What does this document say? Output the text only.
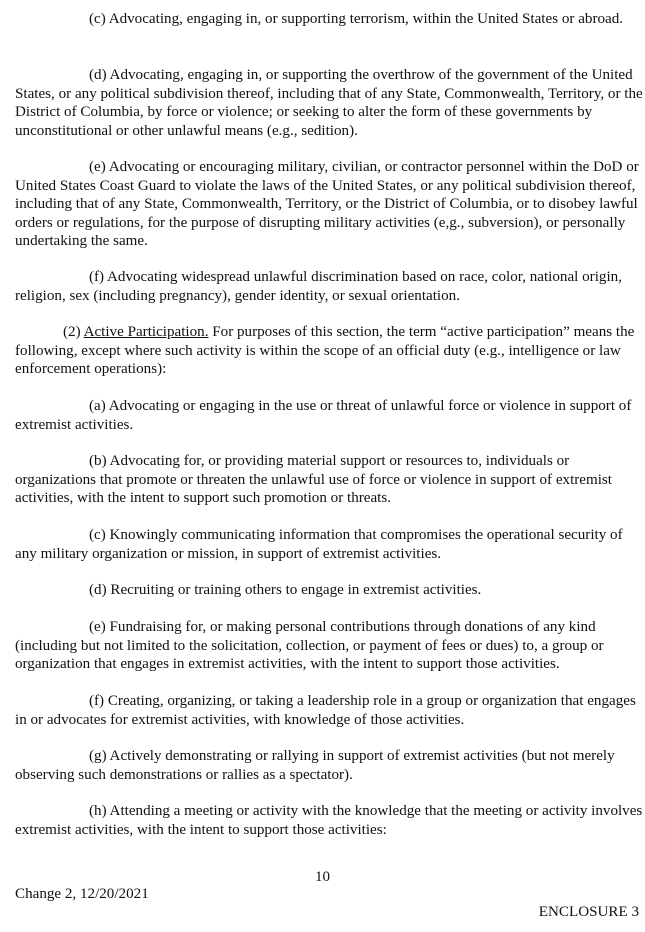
(c) Advocating, engaging in, or supporting terrorism, within the United States or abroad.

(d) Advocating, engaging in, or supporting the overthrow of the government of the United States, or any political subdivision thereof, including that of any State, Commonwealth, Territory, or the District of Columbia, by force or violence; or seeking to alter the form of these governments by unconstitutional or other unlawful means (e.g., sedition).

(e) Advocating or encouraging military, civilian, or contractor personnel within the DoD or United States Coast Guard to violate the laws of the United States, or any political subdivision thereof, including that of any State, Commonwealth, Territory, or the District of Columbia, or to disobey lawful orders or regulations, for the purpose of disrupting military activities (e,g., subversion), or personally undertaking the same.

(f) Advocating widespread unlawful discrimination based on race, color, national origin, religion, sex (including pregnancy), gender identity, or sexual orientation.

(2) Active Participation. For purposes of this section, the term “active participation” means the following, except where such activity is within the scope of an official duty (e.g., intelligence or law enforcement operations):

(a) Advocating or engaging in the use or threat of unlawful force or violence in support of extremist activities.

(b) Advocating for, or providing material support or resources to, individuals or organizations that promote or threaten the unlawful use of force or violence in support of extremist activities, with the intent to support such promotion or threats.

(c) Knowingly communicating information that compromises the operational security of any military organization or mission, in support of extremist activities.

(d) Recruiting or training others to engage in extremist activities.

(e) Fundraising for, or making personal contributions through donations of any kind (including but not limited to the solicitation, collection, or payment of fees or dues) to, a group or organization that engages in extremist activities, with the intent to support those activities.

(f) Creating, organizing, or taking a leadership role in a group or organization that engages in or advocates for extremist activities, with knowledge of those activities.

(g) Actively demonstrating or rallying in support of extremist activities (but not merely observing such demonstrations or rallies as a spectator).

(h) Attending a meeting or activity with the knowledge that the meeting or activity involves extremist activities, with the intent to support those activities:

10
Change 2, 12/20/2021
ENCLOSURE 3
